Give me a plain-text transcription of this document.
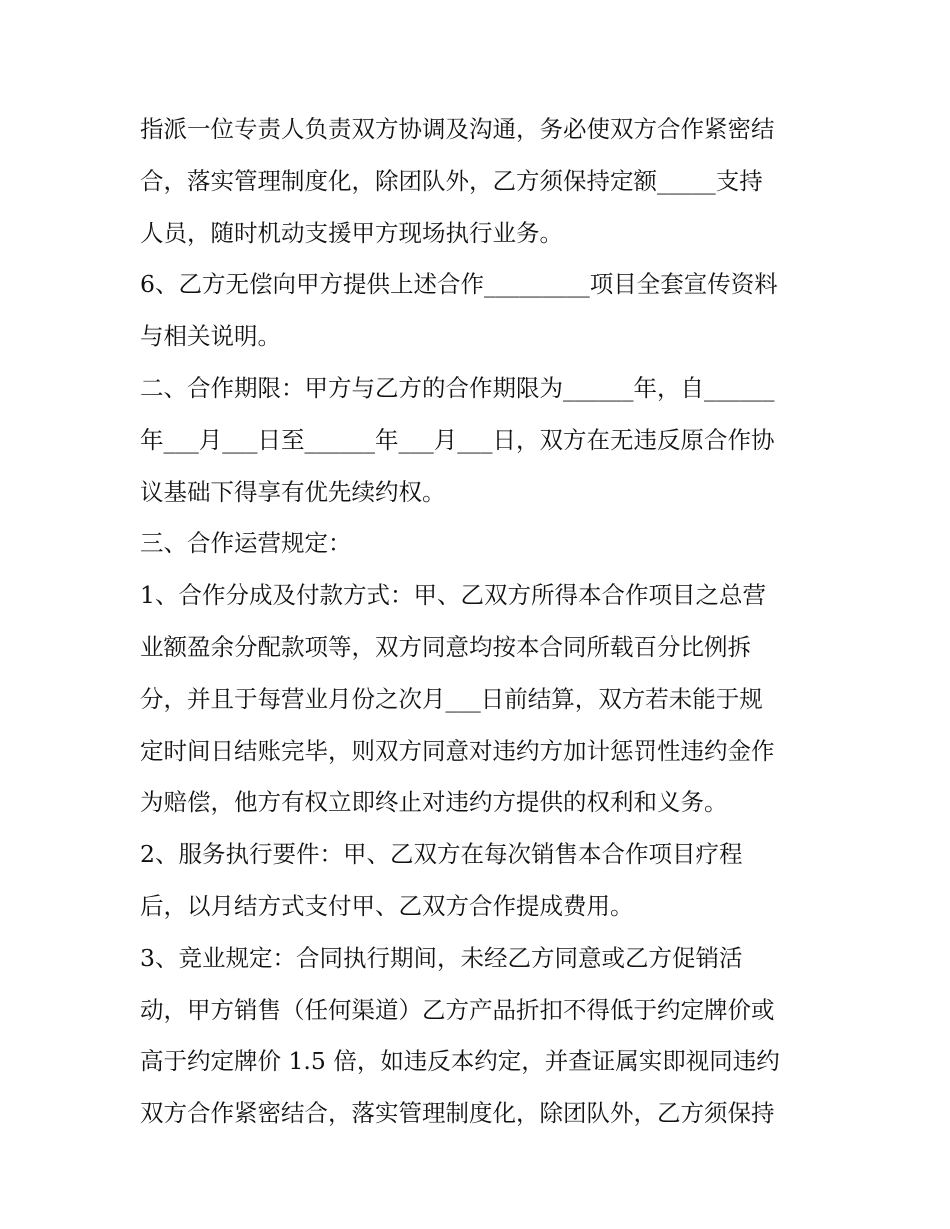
指派一位专责人负责双方协调及沟通，务必使双方合作紧密结
合，落实管理制度化，除团队外，乙方须保持定额_____支持
人员，随时机动支援甲方现场执行业务。
6、乙方无偿向甲方提供上述合作_________项目全套宣传资料
与相关说明。
二、合作期限：甲方与乙方的合作期限为______年，自______
年___月___日至______年___月___日，双方在无违反原合作协
议基础下得享有优先续约权。
三、合作运营规定：
1、合作分成及付款方式：甲、乙双方所得本合作项目之总营
业额盈余分配款项等，双方同意均按本合同所载百分比例拆
分，并且于每营业月份之次月___日前结算，双方若未能于规
定时间日结账完毕，则双方同意对违约方加计惩罚性违约金作
为赔偿，他方有权立即终止对违约方提供的权利和义务。
2、服务执行要件：甲、乙双方在每次销售本合作项目疗程
后，以月结方式支付甲、乙双方合作提成费用。
3、竞业规定：合同执行期间，未经乙方同意或乙方促销活
动，甲方销售（任何渠道）乙方产品折扣不得低于约定牌价或
高于约定牌价 1.5 倍，如违反本约定，并查证属实即视同违约
双方合作紧密结合，落实管理制度化，除团队外，乙方须保持
